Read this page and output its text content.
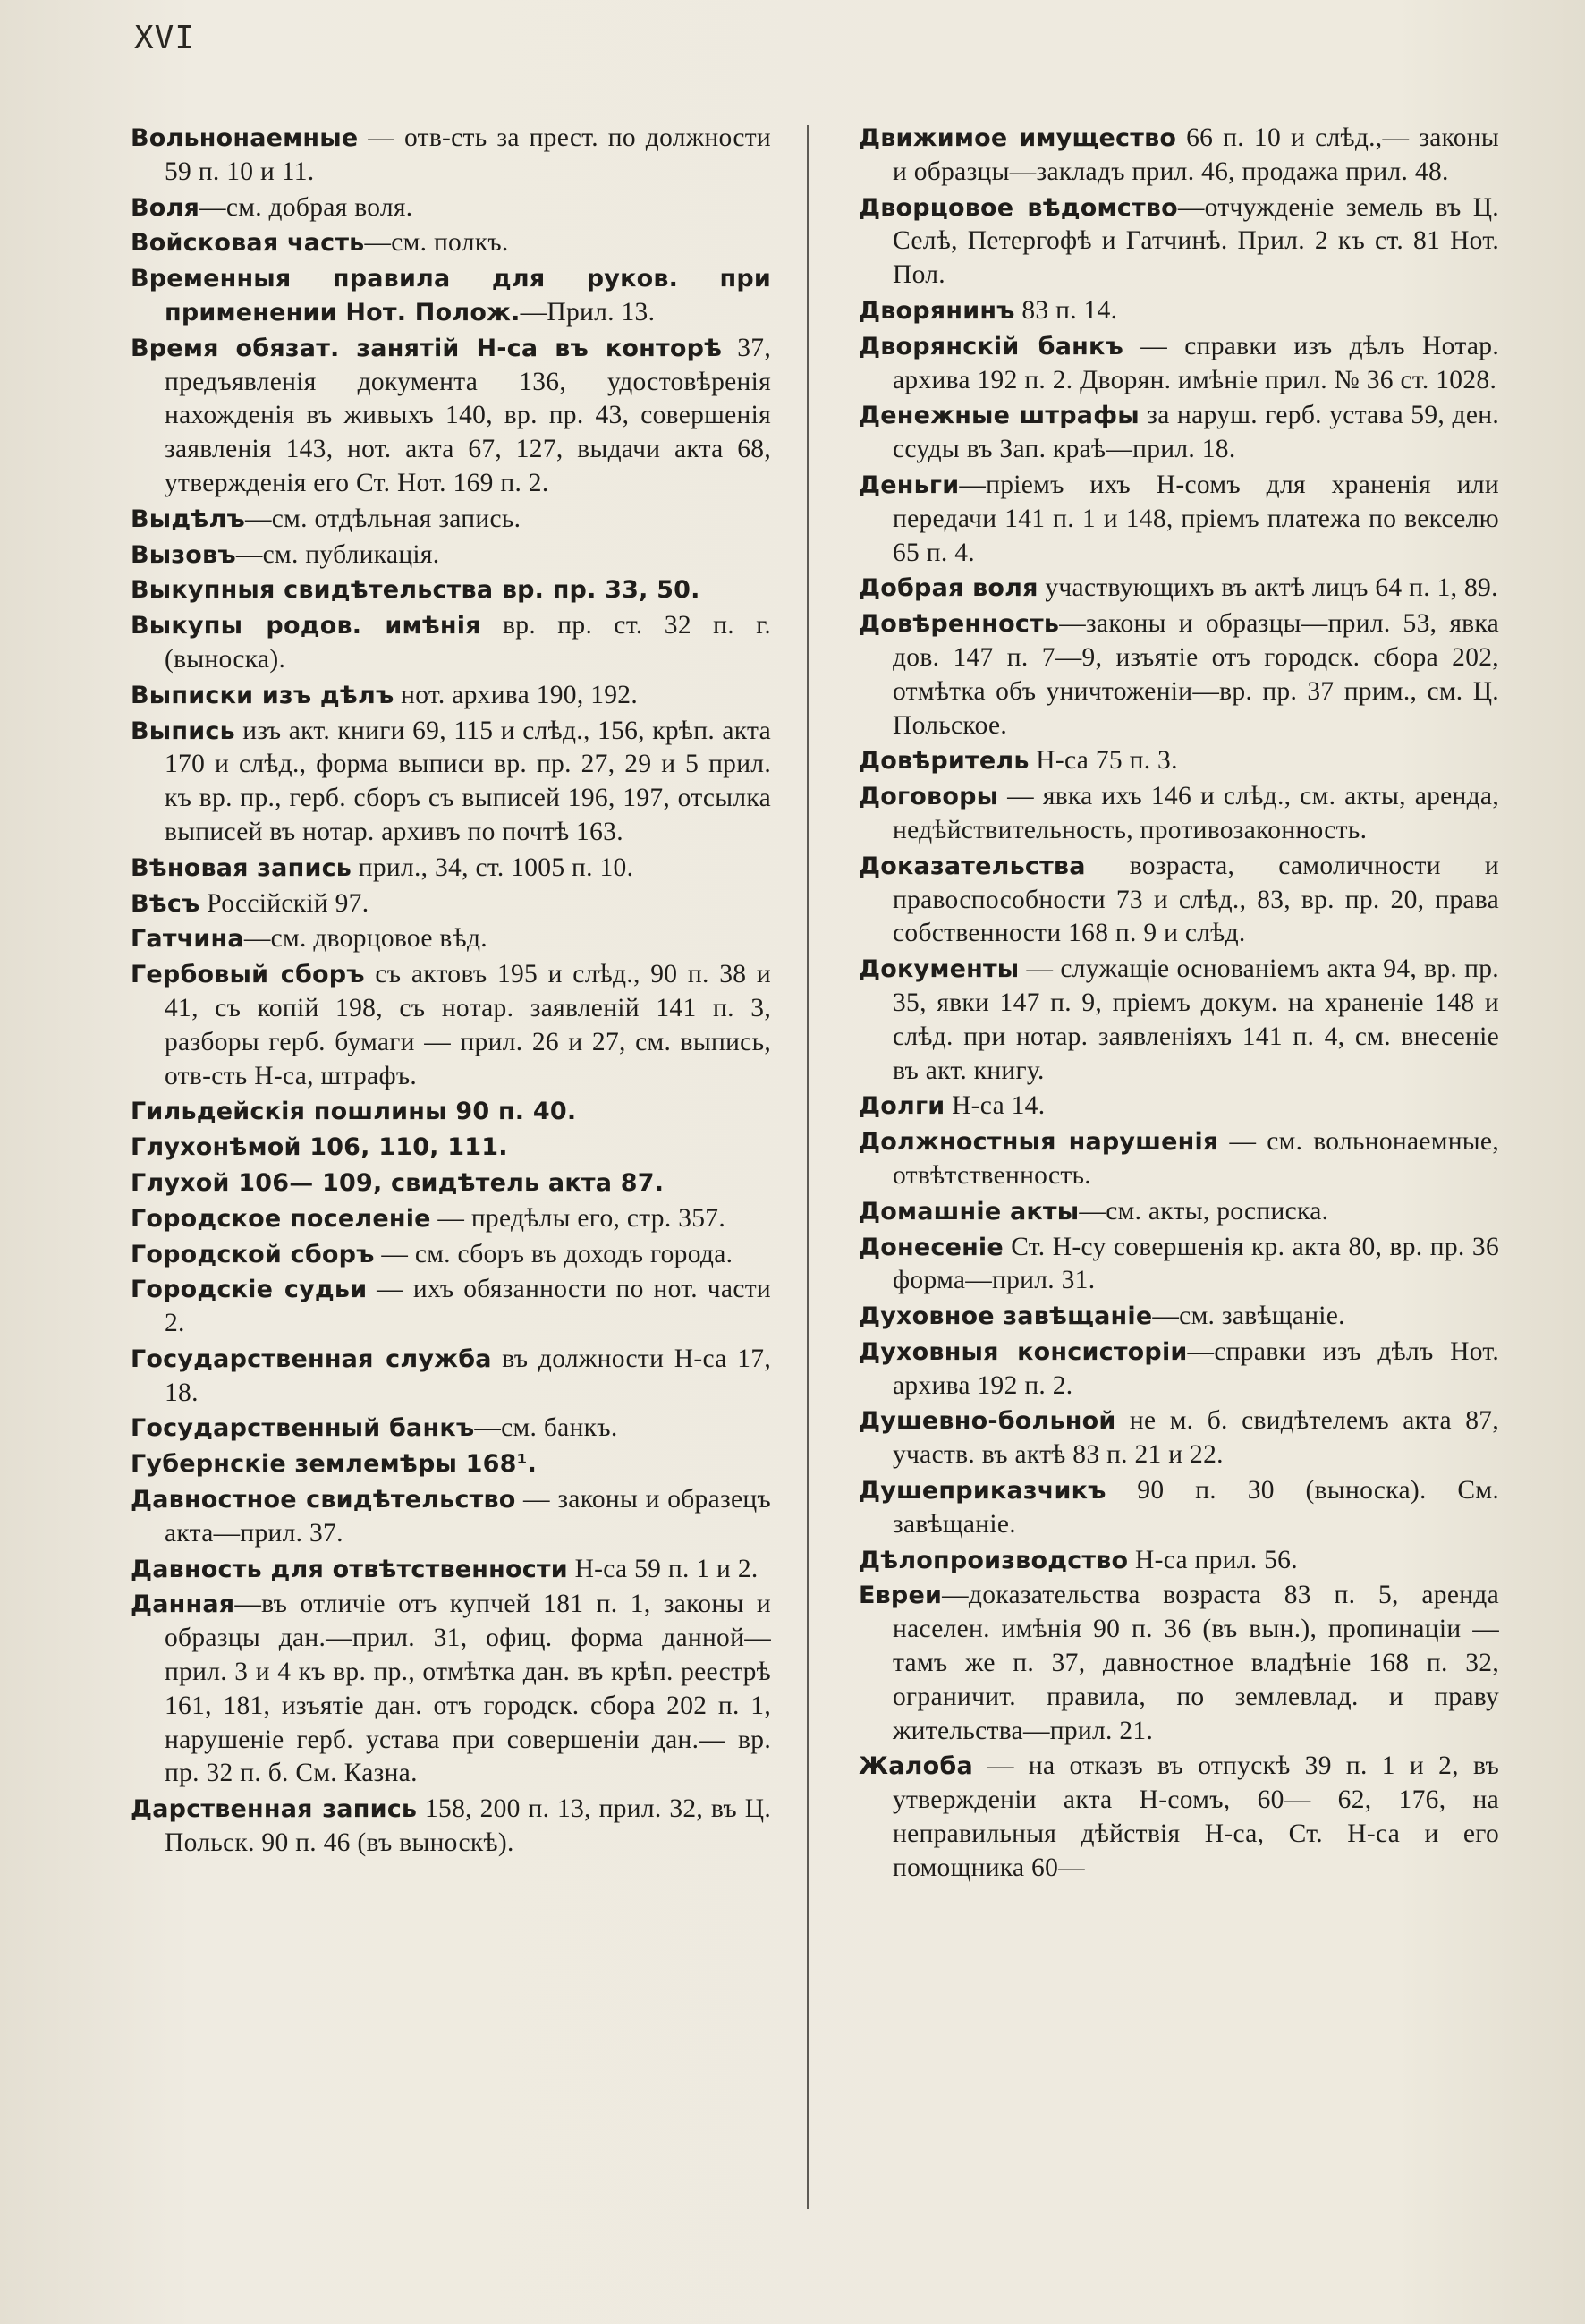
XVI

Вольнонаемные — отв-сть за прест. по должности 59 п. 10 и 11.

Воля—см. добрая воля.

Войсковая часть—см. полкъ.

Временныя правила для руков. при применении Нот. Полож.—Прил. 13.

Время обязат. занятій Н-са въ конторѣ 37, предъявленія документа 136, удостовѣренія нахожденія въ живыхъ 140, вр. пр. 43, совершенія заявленія 143, нот. акта 67, 127, выдачи акта 68, утвержденія его Ст. Нот. 169 п. 2.

Выдѣлъ—см. отдѣльная запись.

Вызовъ—см. публикація.

Выкупныя свидѣтельства вр. пр. 33, 50.

Выкупы родов. имѣнія вр. пр. ст. 32 п. г. (выноска).

Выписки изъ дѣлъ нот. архива 190, 192.

Выпись изъ акт. книги 69, 115 и слѣд., 156, крѣп. акта 170 и слѣд., форма выписи вр. пр. 27, 29 и 5 прил. къ вр. пр., герб. сборъ съ выписей 196, 197, отсылка выписей въ нотар. архивъ по почтѣ 163.

Вѣновая запись прил., 34, ст. 1005 п. 10.

Вѣсъ Россійскій 97.

Гатчина—см. дворцовое вѣд.

Гербовый сборъ съ актовъ 195 и слѣд., 90 п. 38 и 41, съ копій 198, съ нотар. заявленій 141 п. 3, разборы герб. бумаги — прил. 26 и 27, см. выпись, отв-сть Н-са, штрафъ.

Гильдейскія пошлины 90 п. 40.

Глухонѣмой 106, 110, 111.

Глухой 106— 109, свидѣтель акта 87.

Городское поселеніе — предѣлы его, стр. 357.

Городской сборъ — см. сборъ въ доходъ города.

Городскіе судьи — ихъ обязанности по нот. части 2.

Государственная служба въ должности Н-са 17, 18.

Государственный банкъ—см. банкъ.

Губернскіе землемѣры 168¹.

Давностное свидѣтельство — законы и образецъ акта—прил. 37.

Давность для отвѣтственности Н-са 59 п. 1 и 2.

Данная—въ отличіе отъ купчей 181 п. 1, законы и образцы дан.—прил. 31, офиц. форма данной—прил. 3 и 4 къ вр. пр., отмѣтка дан. въ крѣп. реестрѣ 161, 181, изъятіе дан. отъ городск. сбора 202 п. 1, нарушеніе герб. устава при совершеніи дан.— вр. пр. 32 п. б. См. Казна.

Дарственная запись 158, 200 п. 13, прил. 32, въ Ц. Польск. 90 п. 46 (въ выноскѣ).

Движимое имущество 66 п. 10 и слѣд.,— законы и образцы—закладъ прил. 46, продажа прил. 48.

Дворцовое вѣдомство—отчужденіе земель въ Ц. Селѣ, Петергофѣ и Гатчинѣ. Прил. 2 къ ст. 81 Нот. Пол.

Дворянинъ 83 п. 14.

Дворянскій банкъ — справки изъ дѣлъ Нотар. архива 192 п. 2. Дворян. имѣніе прил. № 36 ст. 1028.

Денежные штрафы за наруш. герб. устава 59, ден. ссуды въ Зап. краѣ—прил. 18.

Деньги—пріемъ ихъ Н-сомъ для храненія или передачи 141 п. 1 и 148, пріемъ платежа по векселю 65 п. 4.

Добрая воля участвующихъ въ актѣ лицъ 64 п. 1, 89.

Довѣренность—законы и образцы—прил. 53, явка дов. 147 п. 7—9, изъятіе отъ городск. сбора 202, отмѣтка объ уничтоженіи—вр. пр. 37 прим., см. Ц. Польское.

Довѣритель Н-са 75 п. 3.

Договоры — явка ихъ 146 и слѣд., см. акты, аренда, недѣйствительность, противозаконность.

Доказательства возраста, самоличности и правоспособности 73 и слѣд., 83, вр. пр. 20, права собственности 168 п. 9 и слѣд.

Документы — служащіе основаніемъ акта 94, вр. пр. 35, явки 147 п. 9, пріемъ докум. на храненіе 148 и слѣд. при нотар. заявленіяхъ 141 п. 4, см. внесеніе въ акт. книгу.

Долги Н-са 14.

Должностныя нарушенія — см. вольнонаемные, отвѣтственность.

Домашніе акты—см. акты, росписка.

Донесеніе Ст. Н-су совершенія кр. акта 80, вр. пр. 36 форма—прил. 31.

Духовное завѣщаніе—см. завѣщаніе.

Духовныя консисторіи—справки изъ дѣлъ Нот. архива 192 п. 2.

Душевно-больной не м. б. свидѣтелемъ акта 87, участв. въ актѣ 83 п. 21 и 22.

Душеприказчикъ 90 п. 30 (выноска). См. завѣщаніе.

Дѣлопроизводство Н-са прил. 56.

Евреи—доказательства возраста 83 п. 5, аренда населен. имѣнія 90 п. 36 (въ вын.), пропинаціи — тамъ же п. 37, давностное владѣніе 168 п. 32, ограничит. правила, по землевлад. и праву жительства—прил. 21.

Жалоба — на отказъ въ отпускѣ 39 п. 1 и 2, въ утвержденіи акта Н-сомъ, 60— 62, 176, на неправильныя дѣйствія Н-са, Ст. Н-са и его помощника 60—
